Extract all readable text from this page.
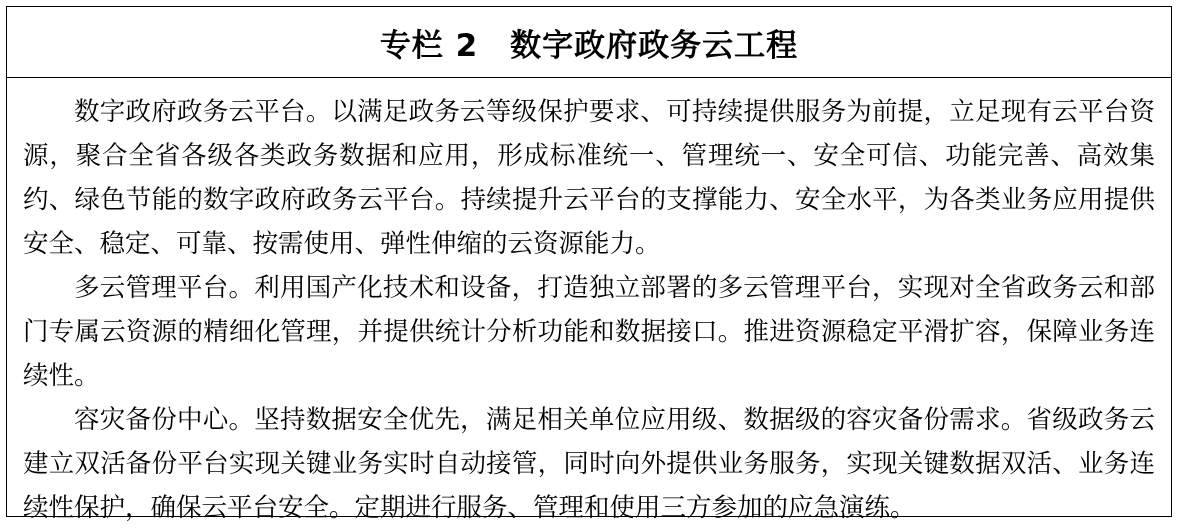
专栏 2　数字政府政务云工程

数字政府政务云平台。以满足政务云等级保护要求、可持续提供服务为前提，立足现有云平台资源，聚合全省各级各类政务数据和应用，形成标准统一、管理统一、安全可信、功能完善、高效集约、绿色节能的数字政府政务云平台。持续提升云平台的支撑能力、安全水平，为各类业务应用提供安全、稳定、可靠、按需使用、弹性伸缩的云资源能力。

多云管理平台。利用国产化技术和设备，打造独立部署的多云管理平台，实现对全省政务云和部门专属云资源的精细化管理，并提供统计分析功能和数据接口。推进资源稳定平滑扩容，保障业务连续性。

容灾备份中心。坚持数据安全优先，满足相关单位应用级、数据级的容灾备份需求。省级政务云建立双活备份平台实现关键业务实时自动接管，同时向外提供业务服务，实现关键数据双活、业务连续性保护，确保云平台安全。定期进行服务、管理和使用三方参加的应急演练。
